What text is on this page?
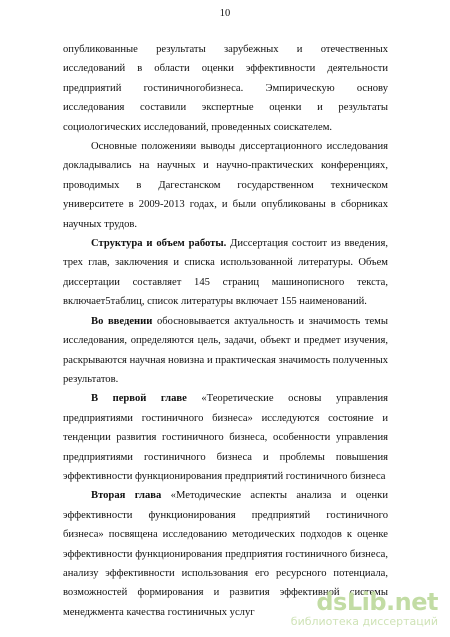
10

опубликованные результаты зарубежных и отечественных исследований в области оценки эффективности деятельности предприятий гостиничногобизнеса. Эмпирическую основу исследования составили экспертные оценки и результаты социологических исследований, проведенных соискателем.

Основные положенияи выводы диссертационного исследования докладывались на научных и научно-практических конференциях, проводимых в Дагестанском государственном техническом университете в 2009-2013 годах, и были опубликованы в сборниках научных трудов.

Структура и объем работы. Диссертация состоит из введения, трех глав, заключения и списка использованной литературы. Объем диссертации составляет 145 страниц машинописного текста, включает5таблиц, список литературы включает 155 наименований.

Во введении обосновывается актуальность и значимость темы исследования, определяются цель, задачи, объект и предмет изучения, раскрываются научная новизна и практическая значимость полученных результатов.

В первой главе «Теоретические основы управления предприятиями гостиничного бизнеса» исследуются состояние и тенденции развития гостиничного бизнеса, особенности управления предприятиями гостиничного бизнеса и проблемы повышения эффективности функционирования предприятий гостиничного бизнеса

Вторая глава «Методические аспекты анализа и оценки эффективности функционирования предприятий гостиничного бизнеса» посвящена исследованию методических подходов к оценке эффективности функционирования предприятия гостиничного бизнеса, анализу эффективности использования его ресурсного потенциала, возможностей формирования и развития эффективной системы менеджмента качества гостиничных услуг	dsLib.net
библиотека диссертаций
